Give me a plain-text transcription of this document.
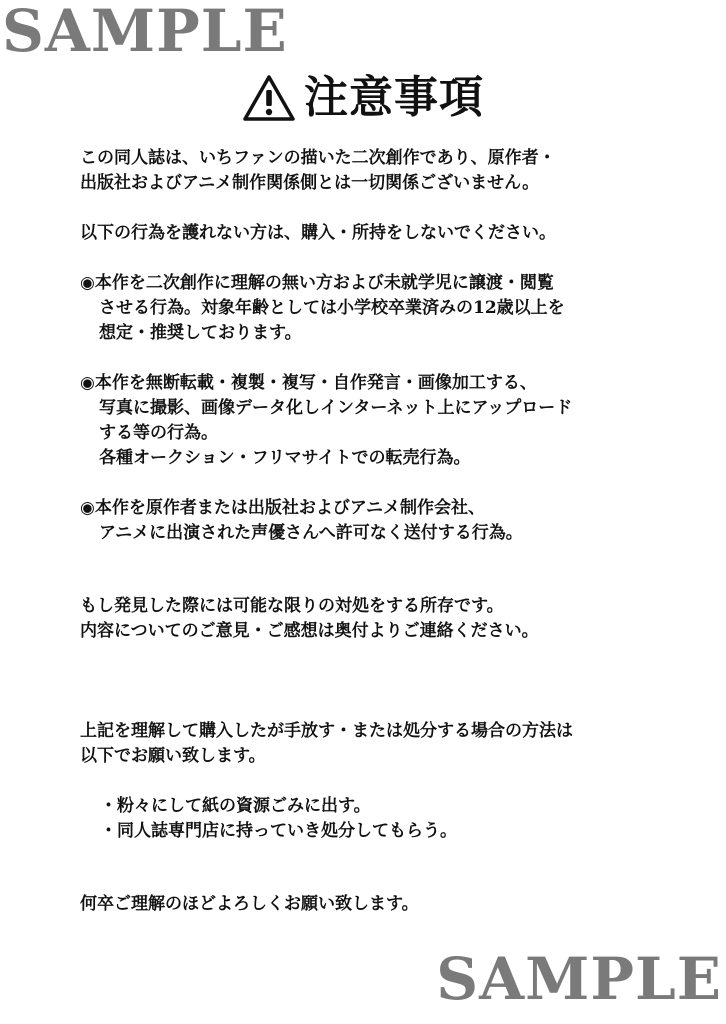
SAMPLE
注意事項

この同人誌は、いちファンの描いた二次創作であり、原作者・

出版社およびアニメ制作関係側とは一切関係ございません。

以下の行為を護れない方は、購入・所持をしないでください。

◉本作を二次創作に理解の無い方および未就学児に譲渡・閲覧

させる行為。対象年齢としては小学校卒業済みの12歳以上を

想定・推奨しております。

◉本作を無断転載・複製・複写・自作発言・画像加工する、

写真に撮影、画像データ化しインターネット上にアップロード

する等の行為。

各種オークション・フリマサイトでの転売行為。

◉本作を原作者または出版社およびアニメ制作会社、

アニメに出演された声優さんへ許可なく送付する行為。

もし発見した際には可能な限りの対処をする所存です。

内容についてのご意見・ご感想は奥付よりご連絡ください。

上記を理解して購入したが手放す・または処分する場合の方法は

以下でお願い致します。

・粉々にして紙の資源ごみに出す。

・同人誌専門店に持っていき処分してもらう。

何卒ご理解のほどよろしくお願い致します。

SAMPLE
